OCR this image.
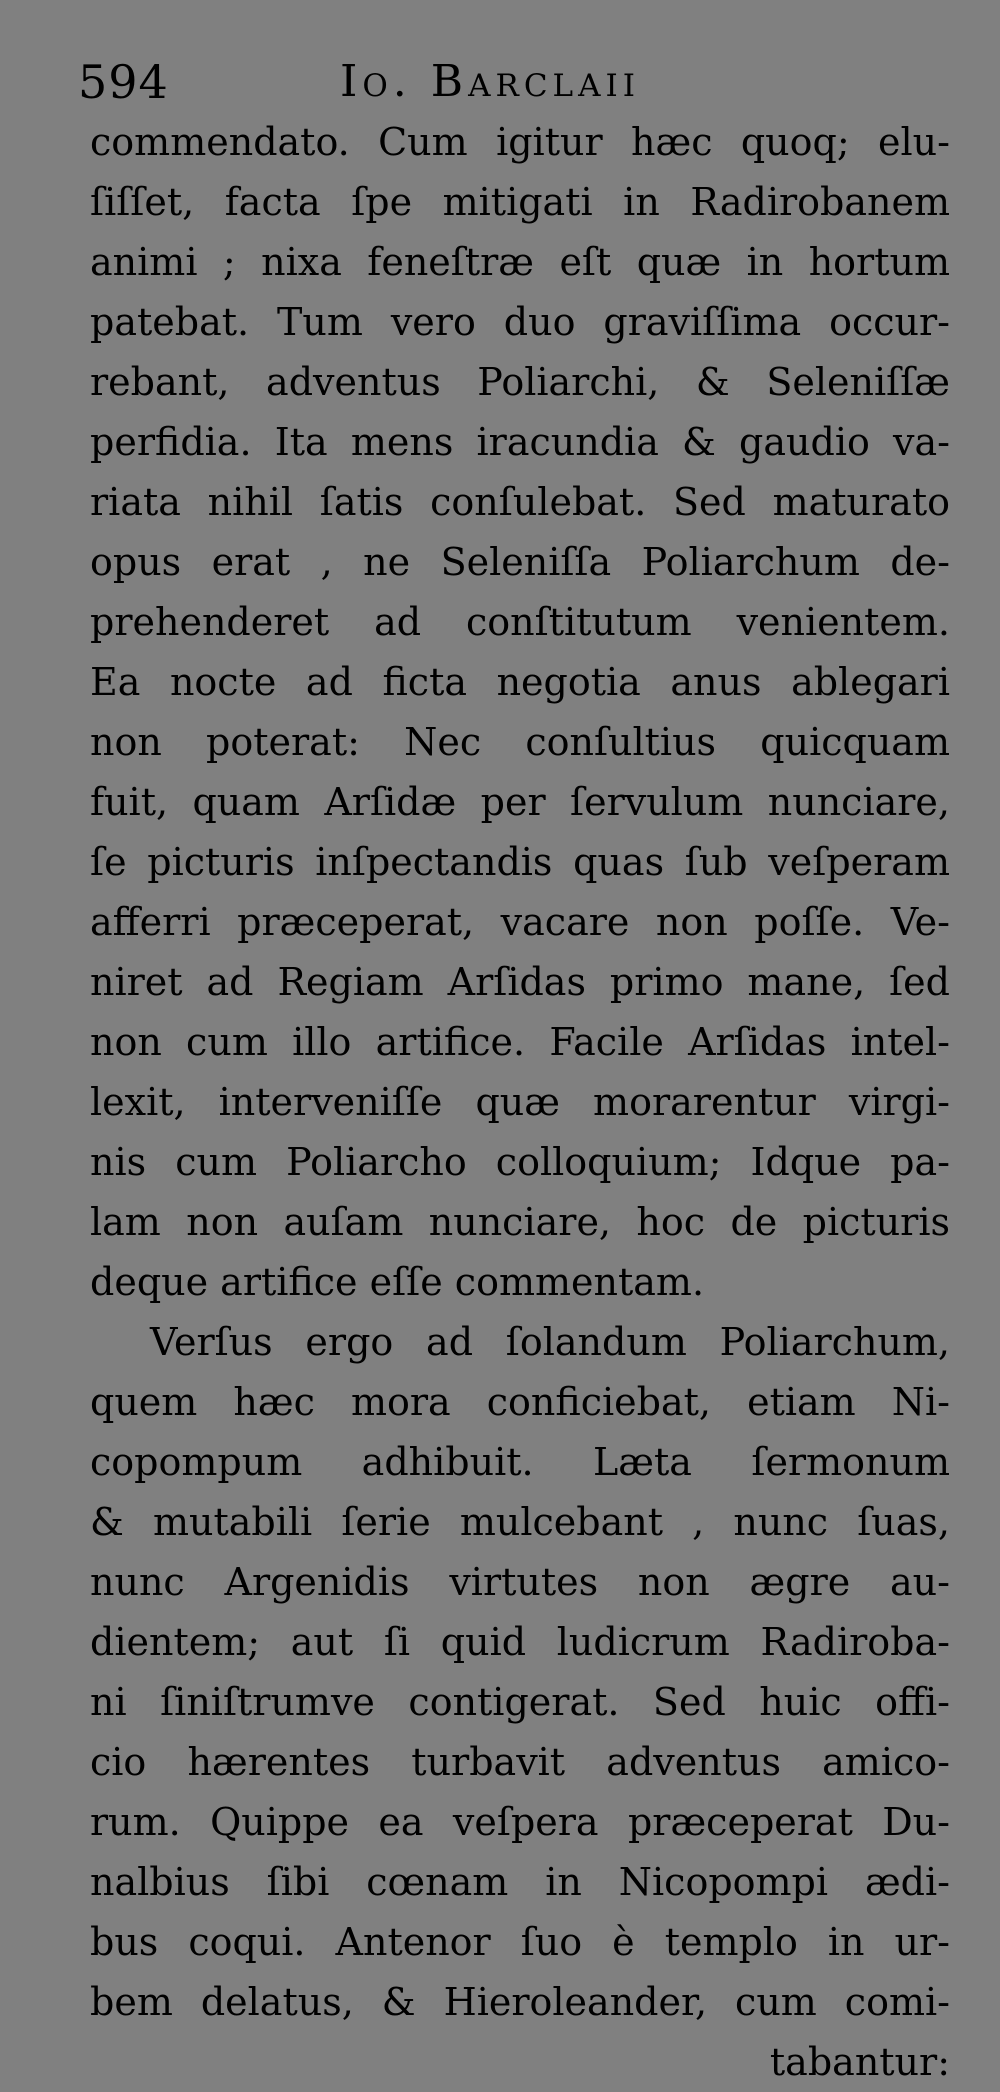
594	Io. Barclaii
commendato. Cum igitur hæc quoq; elu-
ſiſſet, facta ſpe mitigati in Radirobanem
animi ; nixa feneſtræ eſt quæ in hortum
patebat. Tum vero duo graviſſima occur-
rebant, adventus Poliarchi, & Seleniſſæ
perfidia. Ita mens iracundia & gaudio va-
riata nihil ſatis conſulebat. Sed maturato
opus erat , ne Seleniſſa Poliarchum de-
prehenderet ad conſtitutum venientem.
Ea nocte ad ficta negotia anus ablegari
non poterat: Nec conſultius quicquam
fuit, quam Arſidæ per ſervulum nunciare,
ſe picturis inſpectandis quas ſub veſperam
afferri præceperat, vacare non poſſe. Ve-
niret ad Regiam Arſidas primo mane, ſed
non cum illo artifice. Facile Arſidas intel-
lexit, interveniſſe quæ morarentur virgi-
nis cum Poliarcho colloquium; Idque pa-
lam non auſam nunciare, hoc de picturis
deque artifice eſſe commentam.
Verſus ergo ad ſolandum Poliarchum,
quem hæc mora conficiebat, etiam Ni-
copompum adhibuit. Læta ſermonum
& mutabili ſerie mulcebant , nunc ſuas,
nunc Argenidis virtutes non ægre au-
dientem; aut ſi quid ludicrum Radiroba-
ni ſiniſtrumve contigerat. Sed huic offi-
cio hærentes turbavit adventus amico-
rum. Quippe ea veſpera præceperat Du-
nalbius ſibi cœnam in Nicopompi ædi-
bus coqui. Antenor ſuo è templo in ur-
bem delatus, & Hieroleander, cum comi-
tabantur:
